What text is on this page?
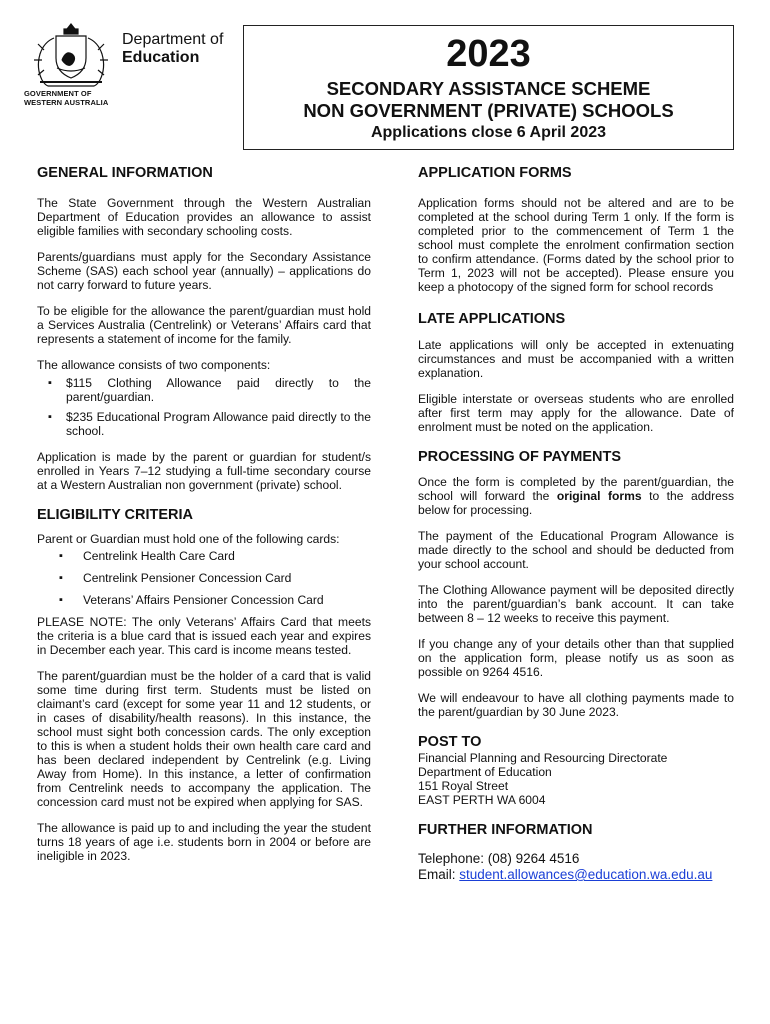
Department of
Education
GOVERNMENT OF
WESTERN AUSTRALIA
2023
SECONDARY ASSISTANCE SCHEME
NON GOVERNMENT (PRIVATE) SCHOOLS
Applications close 6 April 2023
GENERAL INFORMATION

The State Government through the Western Australian Department of Education provides an allowance to assist eligible families with secondary schooling costs.

Parents/guardians must apply for the Secondary Assistance Scheme (SAS) each school year (annually) – applications do not carry forward to future years.

To be eligible for the allowance the parent/guardian must hold a Services Australia (Centrelink) or Veterans’ Affairs card that represents a statement of income for the family.

The allowance consists of two components:

▪ $115 Clothing Allowance paid directly to the parent/guardian.
▪ $235 Educational Program Allowance paid directly to the school.

Application is made by the parent or guardian for student/s enrolled in Years 7–12 studying a full-time secondary course at a Western Australian non government (private) school.

ELIGIBILITY CRITERIA

Parent or Guardian must hold one of the following cards:

▪ Centrelink Health Care Card
▪ Centrelink Pensioner Concession Card
▪ Veterans’ Affairs Pensioner Concession Card

PLEASE NOTE: The only Veterans’ Affairs Card that meets the criteria is a blue card that is issued each year and expires in December each year. This card is income means tested.

The parent/guardian must be the holder of a card that is valid some time during first term. Students must be listed on claimant’s card (except for some year 11 and 12 students, or in cases of disability/health reasons). In this instance, the school must sight both concession cards. The only exception to this is when a student holds their own health care card and has been declared independent by Centrelink (e.g. Living Away from Home). In this instance, a letter of confirmation from Centrelink needs to accompany the application. The concession card must not be expired when applying for SAS.

The allowance is paid up to and including the year the student turns 18 years of age i.e. students born in 2004 or before are ineligible in 2023.

APPLICATION FORMS

Application forms should not be altered and are to be completed at the school during Term 1 only. If the form is completed prior to the commencement of Term 1 the school must complete the enrolment confirmation section to confirm attendance. (Forms dated by the school prior to Term 1, 2023 will not be accepted). Please ensure you keep a photocopy of the signed form for school records

LATE APPLICATIONS

Late applications will only be accepted in extenuating circumstances and must be accompanied with a written explanation.

Eligible interstate or overseas students who are enrolled after first term may apply for the allowance. Date of enrolment must be noted on the application.

PROCESSING OF PAYMENTS

Once the form is completed by the parent/guardian, the school will forward the original forms to the address below for processing.

The payment of the Educational Program Allowance is made directly to the school and should be deducted from your school account.

The Clothing Allowance payment will be deposited directly into the parent/guardian’s bank account. It can take between 8 – 12 weeks to receive this payment.

If you change any of your details other than that supplied on the application form, please notify us as soon as possible on 9264 4516.

We will endeavour to have all clothing payments made to the parent/guardian by 30 June 2023.

POST TO
Financial Planning and Resourcing Directorate
Department of Education
151 Royal Street
EAST PERTH WA 6004
FURTHER INFORMATION
Telephone: (08) 9264 4516
Email: student.allowances@education.wa.edu.au
